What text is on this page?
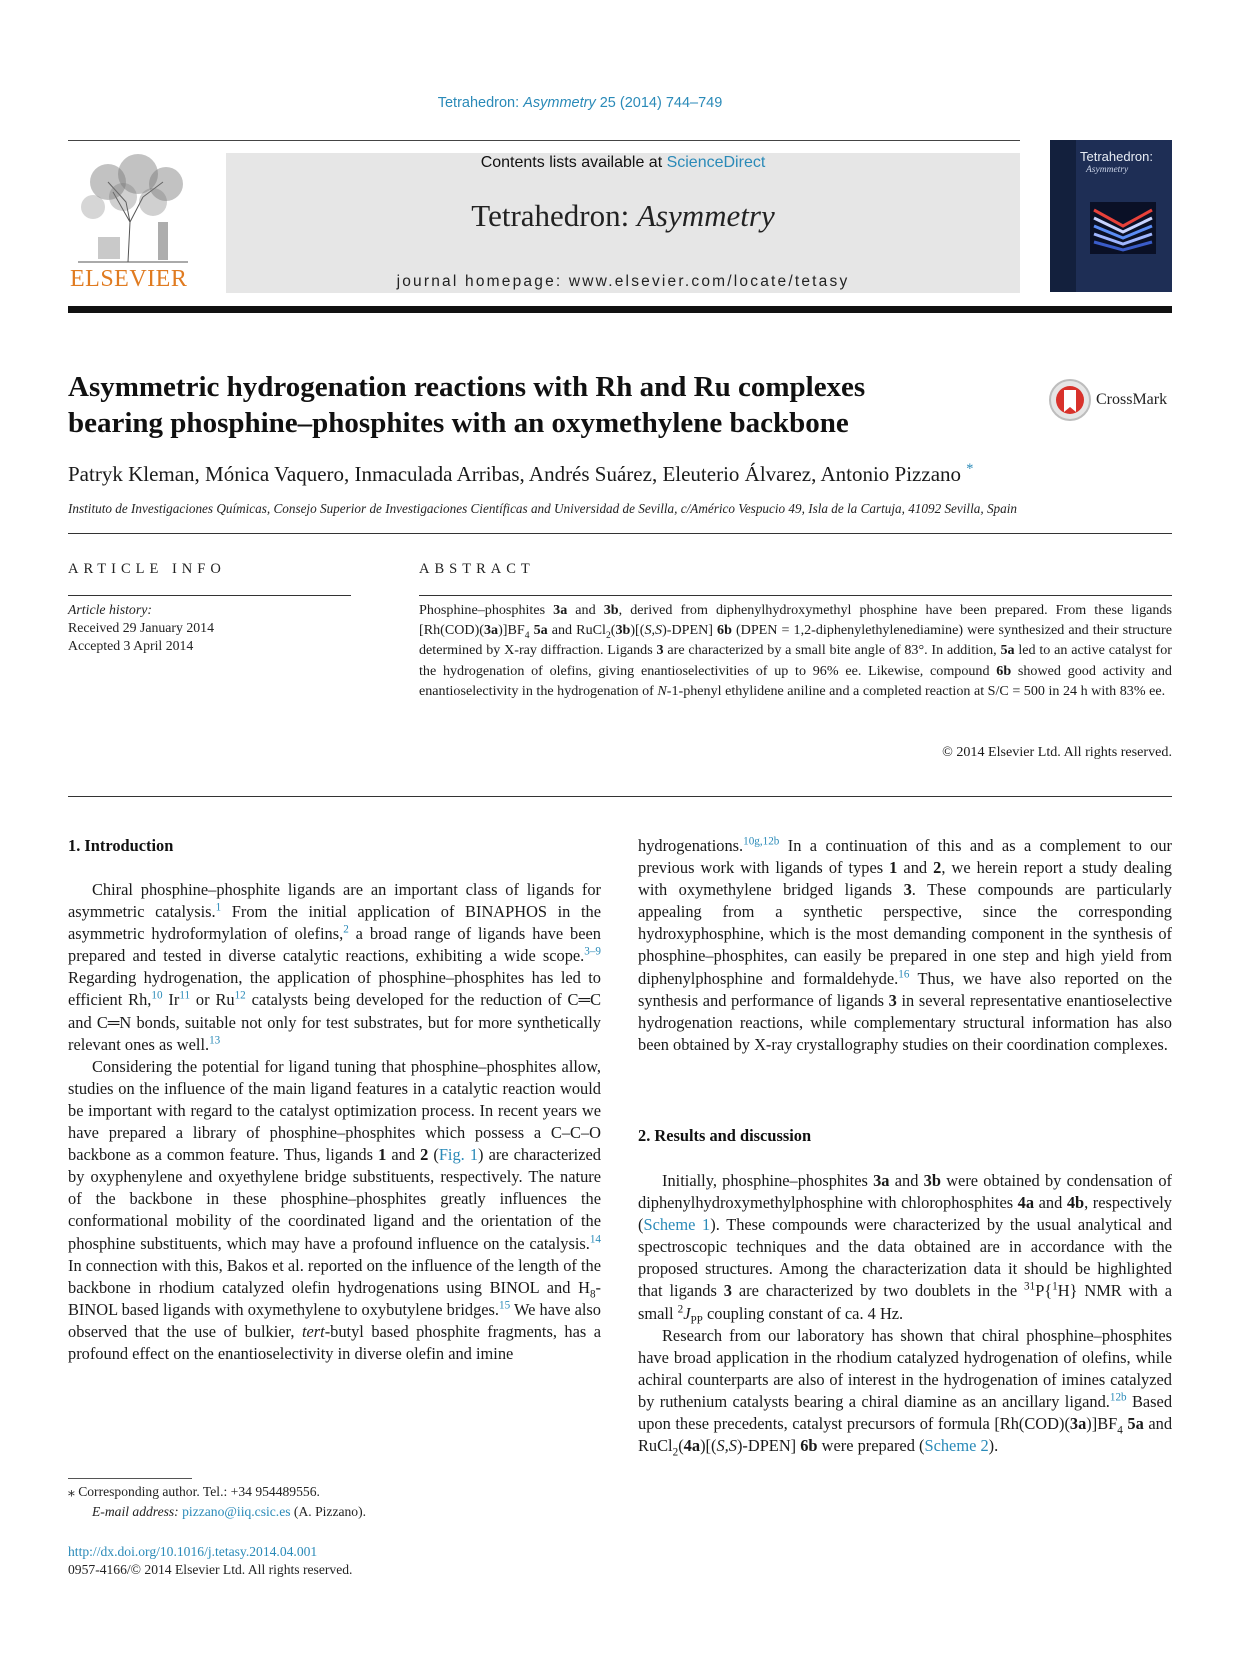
Tetrahedron: Asymmetry 25 (2014) 744–749
ELSEVIER
Contents lists available at ScienceDirect
Tetrahedron: Asymmetry
journal homepage: www.elsevier.com/locate/tetasy
Tetrahedron:
Asymmetry
Asymmetric hydrogenation reactions with Rh and Ru complexes
bearing phosphine–phosphites with an oxymethylene backbone
CrossMark
Patryk Kleman, Mónica Vaquero, Inmaculada Arribas, Andrés Suárez, Eleuterio Álvarez, Antonio Pizzano *
Instituto de Investigaciones Químicas, Consejo Superior de Investigaciones Científicas and Universidad de Sevilla, c/Américo Vespucio 49, Isla de la Cartuja, 41092 Sevilla, Spain
ARTICLE INFO
Article history:
Received 29 January 2014
Accepted 3 April 2014
ABSTRACT
Phosphine–phosphites 3a and 3b, derived from diphenylhydroxymethyl phosphine have been prepared. From these ligands $[Rh(COD)(3a)]BF_4$ 5a and RuCl$_2$(3b)[(S,S)-DPEN] 6b (DPEN = 1,2-diphenylethylenediamine) were synthesized and their structure determined by X-ray diffraction. Ligands 3 are characterized by a small bite angle of 83°. In addition, 5a led to an active catalyst for the hydrogenation of olefins, giving enantioselectivities of up to 96% ee. Likewise, compound 6b showed good activity and enantioselectivity in the hydrogenation of N-1-phenyl ethylidene aniline and a completed reaction at S/C = 500 in 24 h with 83% ee.
© 2014 Elsevier Ltd. All rights reserved.
1. Introduction

Chiral phosphine–phosphite ligands are an important class of ligands for asymmetric catalysis.$^1$ From the initial application of BINAPHOS in the asymmetric hydroformylation of olefins,$^2$ a broad range of ligands have been prepared and tested in diverse catalytic reactions, exhibiting a wide scope.$^{3-9}$ Regarding hydrogenation, the application of phosphine–phosphites has led to efficient Rh,$^{10}$ Ir$^{11}$ or Ru$^{12}$ catalysts being developed for the reduction of C═C and C═N bonds, suitable not only for test substrates, but for more synthetically relevant ones as well.$^{13}$

Considering the potential for ligand tuning that phosphine–phosphites allow, studies on the influence of the main ligand features in a catalytic reaction would be important with regard to the catalyst optimization process. In recent years we have prepared a library of phosphine–phosphites which possess a C–C–O backbone as a common feature. Thus, ligands 1 and 2 (Fig. 1) are characterized by oxyphenylene and oxyethylene bridge substituents, respectively. The nature of the backbone in these phosphine–phosphites greatly influences the conformational mobility of the coordinated ligand and the orientation of the phosphine substituents, which may have a profound influence on the catalysis.$^{14}$ In connection with this, Bakos et al. reported on the influence of the length of the backbone in rhodium catalyzed olefin hydrogenations using BINOL and $H_8$-BINOL based ligands with oxymethylene to oxybutylene bridges.$^{15}$ We have also observed that the use of bulkier, tert-butyl based phosphite fragments, has a profound effect on the enantioselectivity in diverse olefin and imine

hydrogenations.$^{10g,12b}$ In a continuation of this and as a complement to our previous work with ligands of types 1 and 2, we herein report a study dealing with oxymethylene bridged ligands 3. These compounds are particularly appealing from a synthetic perspective, since the corresponding hydroxyphosphine, which is the most demanding component in the synthesis of phosphine–phosphites, can easily be prepared in one step and high yield from diphenylphosphine and formaldehyde.$^{16}$ Thus, we have also reported on the synthesis and performance of ligands 3 in several representative enantioselective hydrogenation reactions, while complementary structural information has also been obtained by X-ray crystallography studies on their coordination complexes.

2. Results and discussion

Initially, phosphine–phosphites 3a and 3b were obtained by condensation of diphenylhydroxymethylphosphine with chlorophosphites 4a and 4b, respectively (Scheme 1). These compounds were characterized by the usual analytical and spectroscopic techniques and the data obtained are in accordance with the proposed structures. Among the characterization data it should be highlighted that ligands 3 are characterized by two doublets in the $^{31}$P{$^1$H} NMR with a small $^2J_{PP}$ coupling constant of ca. 4 Hz.

Research from our laboratory has shown that chiral phosphine–phosphites have broad application in the rhodium catalyzed hydrogenation of olefins, while achiral counterparts are also of interest in the hydrogenation of imines catalyzed by ruthenium catalysts bearing a chiral diamine as an ancillary ligand.$^{12b}$ Based upon these precedents, catalyst precursors of formula $[Rh(COD)(3a)]BF_4$ 5a and RuCl$_2$(4a)[(S,S)-DPEN] 6b were prepared (Scheme 2).

⁎ Corresponding author. Tel.: +34 954489556.
E-mail address: pizzano@iiq.csic.es (A. Pizzano).
http://dx.doi.org/10.1016/j.tetasy.2014.04.001
0957-4166/© 2014 Elsevier Ltd. All rights reserved.
